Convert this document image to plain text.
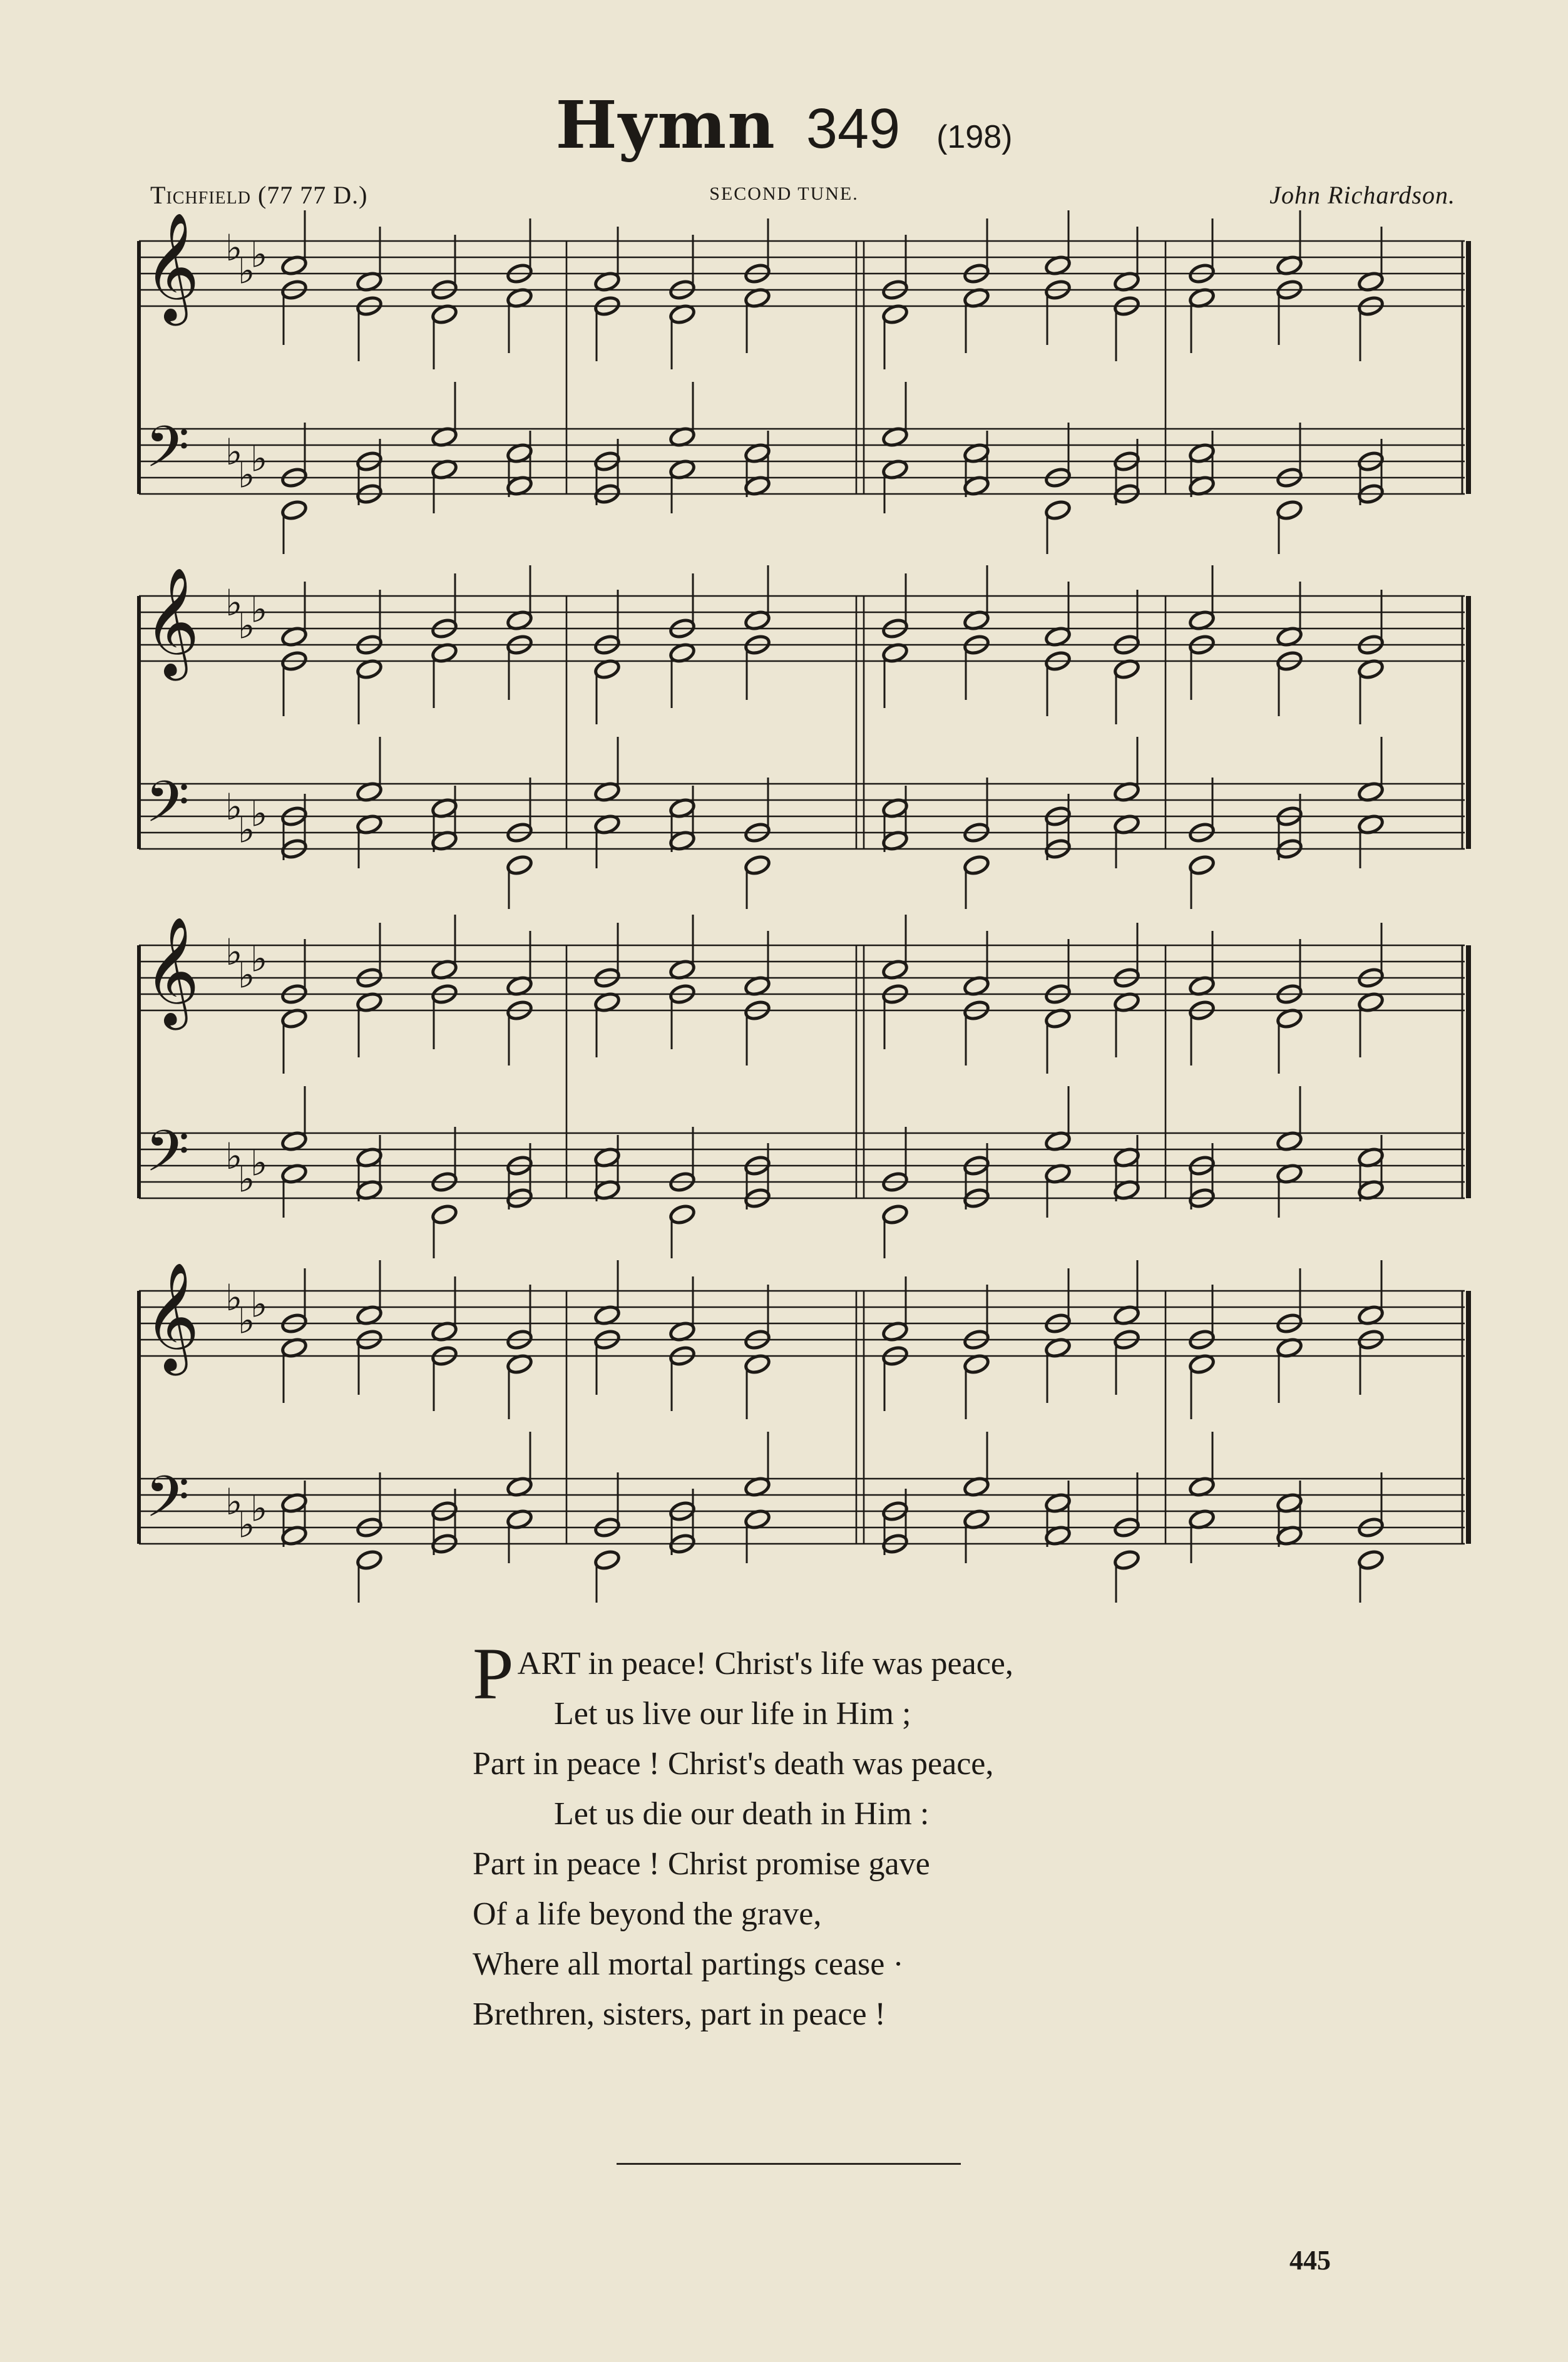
Hymn 349 (198)
Tichfield (77 77 D.)	SECOND TUNE.	John Richardson.
𝄞
𝄢
♭
♭
♭
♭
♭
♭
𝄞
𝄢
♭
♭
♭
♭
♭
♭
𝄞
𝄢
♭
♭
♭
♭
♭
♭
𝄞
𝄢
♭
♭
♭
♭
♭
♭
P ART in peace! Christ's life was peace,
Let us live our life in Him ;
Part in peace ! Christ's death was peace,
Let us die our death in Him :
Part in peace ! Christ promise gave
Of a life beyond the grave,
Where all mortal partings cease ·
Brethren, sisters, part in peace !
445
